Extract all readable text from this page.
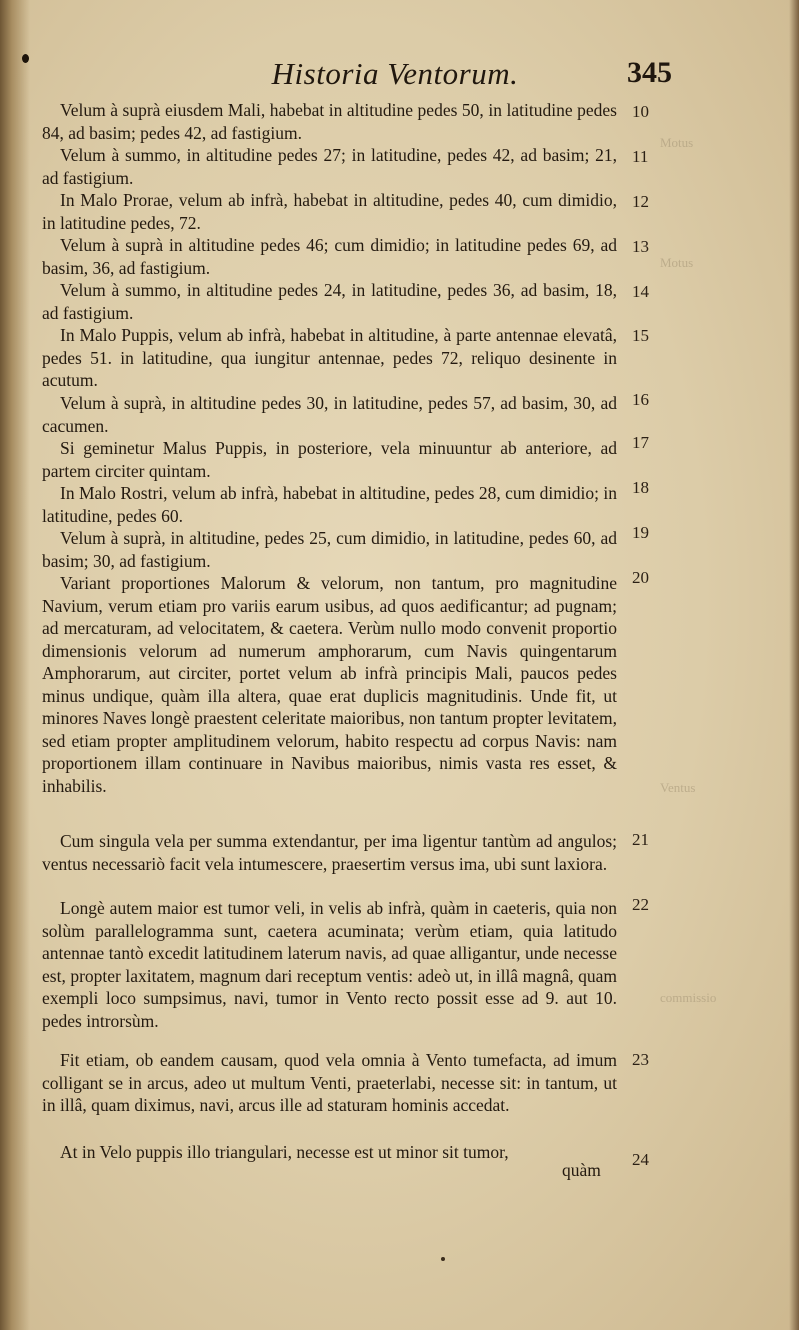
Historia Ventorum.	345

Velum à suprà eiusdem Mali, habebat in altitudine pedes 50, in latitudine pedes 84, ad basim; pedes 42, ad fastigium.

Velum à summo, in altitudine pedes 27; in latitudine, pedes 42, ad basim; 21, ad fastigium.

In Malo Prorae, velum ab infrà, habebat in altitudine, pedes 40, cum dimidio, in latitudine pedes, 72.

Velum à suprà in altitudine pedes 46; cum dimidio; in latitudine pedes 69, ad basim, 36, ad fastigium.

Velum à summo, in altitudine pedes 24, in latitudine, pedes 36, ad basim, 18, ad fastigium.

In Malo Puppis, velum ab infrà, habebat in altitudine, à parte antennae elevatâ, pedes 51. in latitudine, qua iungitur antennae, pedes 72, reliquo desinente in acutum.

Velum à suprà, in altitudine pedes 30, in latitudine, pedes 57, ad basim, 30, ad cacumen.

Si geminetur Malus Puppis, in posteriore, vela minuuntur ab anteriore, ad partem circiter quintam.

In Malo Rostri, velum ab infrà, habebat in altitudine, pedes 28, cum dimidio; in latitudine, pedes 60.

Velum à suprà, in altitudine, pedes 25, cum dimidio, in latitudine, pedes 60, ad basim; 30, ad fastigium.

Variant proportiones Malorum & velorum, non tantum, pro magnitudine Navium, verum etiam pro variis earum usibus, ad quos aedificantur; ad pugnam; ad mercaturam, ad velocitatem, & caetera. Verùm nullo modo convenit proportio dimensionis velorum ad numerum amphorarum, cum Navis quingentarum Amphorarum, aut circiter, portet velum ab infrà principis Mali, paucos pedes minus undique, quàm illa altera, quae erat duplicis magnitudinis. Unde fit, ut minores Naves longè praestent celeritate maioribus, non tantum propter levitatem, sed etiam propter amplitudinem velorum, habito respectu ad corpus Navis: nam proportionem illam continuare in Navibus maioribus, nimis vasta res esset, & inhabilis.

Cum singula vela per summa extendantur, per ima ligentur tantùm ad angulos; ventus necessariò facit vela intumescere, praesertim versus ima, ubi sunt laxiora.

Longè autem maior est tumor veli, in velis ab infrà, quàm in caeteris, quia non solùm parallelogramma sunt, caetera acuminata; verùm etiam, quia latitudo antennae tantò excedit latitudinem laterum navis, ad quae alligantur, unde necesse est, propter laxitatem, magnum dari receptum ventis: adeò ut, in illâ magnâ, quam exempli loco sumpsimus, navi, tumor in Vento recto possit esse ad 9. aut 10. pedes introrsùm.

Fit etiam, ob eandem causam, quod vela omnia à Vento tumefacta, ad imum colligant se in arcus, adeo ut multum Venti, praeterlabi, necesse sit: in tantum, ut in illâ, quam diximus, navi, arcus ille ad staturam hominis accedat.

At in Velo puppis illo triangulari, necesse est ut minor sit tumor,

quàm
10
11
12
13
14
15
16
17
18
19
20
21
22
23
24
Motus
Motus
Ventus
commissio
